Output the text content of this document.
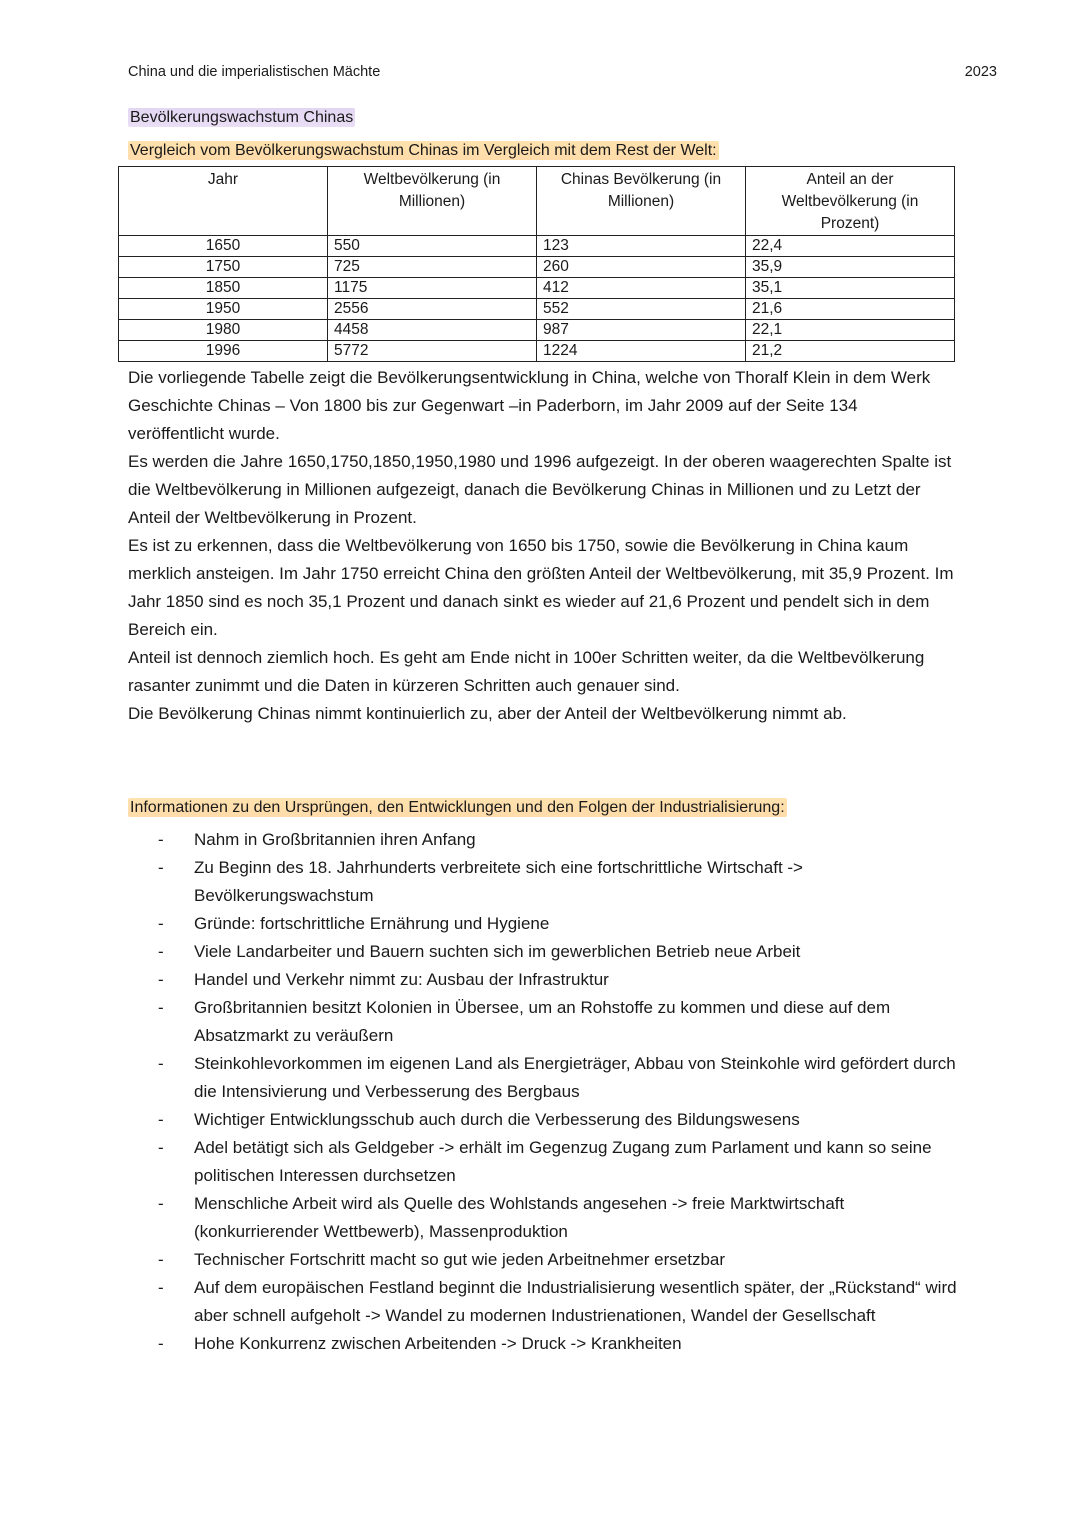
China und die imperialistischen Mächte	2023
Bevölkerungswachstum Chinas
Vergleich vom Bevölkerungswachstum Chinas im Vergleich mit dem Rest der Welt:
Jahr	Weltbevölkerung (in Millionen)	Chinas Bevölkerung (in Millionen)	Anteil an der Weltbevölkerung (in Prozent)
1650	550	123	22,4
1750	725	260	35,9
1850	1175	412	35,1
1950	2556	552	21,6
1980	4458	987	22,1
1996	5772	1224	21,2

Die vorliegende Tabelle zeigt die Bevölkerungsentwicklung in China, welche von Thoralf Klein in dem Werk Geschichte Chinas – Von 1800 bis zur Gegenwart –in Paderborn, im Jahr 2009 auf der Seite 134 veröffentlicht wurde.

Es werden die Jahre 1650,1750,1850,1950,1980 und 1996 aufgezeigt. In der oberen waagerechten Spalte ist die Weltbevölkerung in Millionen aufgezeigt, danach die Bevölkerung Chinas in Millionen und zu Letzt der Anteil der Weltbevölkerung in Prozent.

Es ist zu erkennen, dass die Weltbevölkerung von 1650 bis 1750, sowie die Bevölkerung in China kaum merklich ansteigen. Im Jahr 1750 erreicht China den größten Anteil der Weltbevölkerung, mit 35,9 Prozent. Im Jahr 1850 sind es noch 35,1 Prozent und danach sinkt es wieder auf 21,6 Prozent und pendelt sich in dem Bereich ein.

Anteil ist dennoch ziemlich hoch. Es geht am Ende nicht in 100er Schritten weiter, da die Weltbevölkerung rasanter zunimmt und die Daten in kürzeren Schritten auch genauer sind.

Die Bevölkerung Chinas nimmt kontinuierlich zu, aber der Anteil der Weltbevölkerung nimmt ab.

Informationen zu den Ursprüngen, den Entwicklungen und den Folgen der Industrialisierung:
- Nahm in Großbritannien ihren Anfang
- Zu Beginn des 18. Jahrhunderts verbreitete sich eine fortschrittliche Wirtschaft -> Bevölkerungswachstum
- Gründe: fortschrittliche Ernährung und Hygiene
- Viele Landarbeiter und Bauern suchten sich im gewerblichen Betrieb neue Arbeit
- Handel und Verkehr nimmt zu: Ausbau der Infrastruktur
- Großbritannien besitzt Kolonien in Übersee, um an Rohstoffe zu kommen und diese auf dem Absatzmarkt zu veräußern
- Steinkohlevorkommen im eigenen Land als Energieträger, Abbau von Steinkohle wird gefördert durch die Intensivierung und Verbesserung des Bergbaus
- Wichtiger Entwicklungsschub auch durch die Verbesserung des Bildungswesens
- Adel betätigt sich als Geldgeber -> erhält im Gegenzug Zugang zum Parlament und kann so seine politischen Interessen durchsetzen
- Menschliche Arbeit wird als Quelle des Wohlstands angesehen -> freie Marktwirtschaft (konkurrierender Wettbewerb), Massenproduktion
- Technischer Fortschritt macht so gut wie jeden Arbeitnehmer ersetzbar
- Auf dem europäischen Festland beginnt die Industrialisierung wesentlich später, der „Rückstand“ wird aber schnell aufgeholt -> Wandel zu modernen Industrienationen, Wandel der Gesellschaft
- Hohe Konkurrenz zwischen Arbeitenden -> Druck -> Krankheiten
